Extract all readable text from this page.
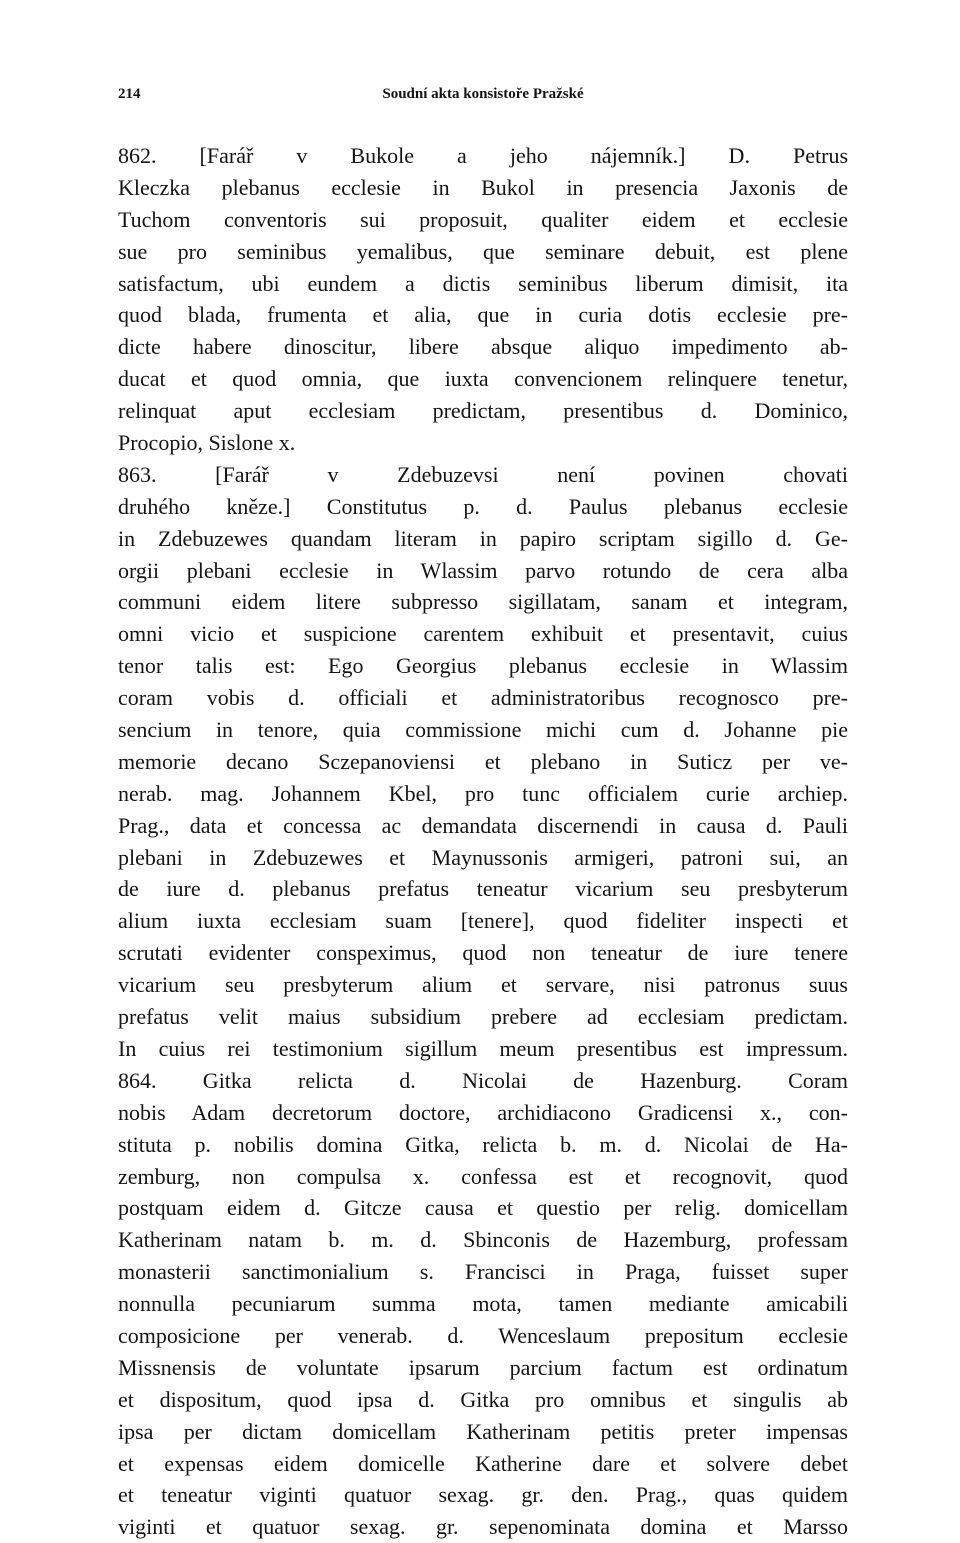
214	Soudní akta konsistoře Pražské
862. [Farář v Bukole a jeho nájemník.] D. Petrus
Kleczka plebanus ecclesie in Bukol in presencia Jaxonis de
Tuchom conventoris sui proposuit, qualiter eidem et ecclesie
sue pro seminibus yemalibus, que seminare debuit, est plene
satisfactum, ubi eundem a dictis seminibus liberum dimisit, ita
quod blada, frumenta et alia, que in curia dotis ecclesie pre-
dicte habere dinoscitur, libere absque aliquo impedimento ab-
ducat et quod omnia, que iuxta convencionem relinquere tenetur,
relinquat aput ecclesiam predictam, presentibus d. Dominico,
Procopio, Sislone x.
863. [Farář v Zdebuzevsi není povinen chovati
druhého kněze.] Constitutus p. d. Paulus plebanus ecclesie
in Zdebuzewes quandam literam in papiro scriptam sigillo d. Ge-
orgii plebani ecclesie in Wlassim parvo rotundo de cera alba
communi eidem litere subpresso sigillatam, sanam et integram,
omni vicio et suspicione carentem exhibuit et presentavit, cuius
tenor talis est: Ego Georgius plebanus ecclesie in Wlassim
coram vobis d. officiali et administratoribus recognosco pre-
sencium in tenore, quia commissione michi cum d. Johanne pie
memorie decano Sczepanoviensi et plebano in Suticz per ve-
nerab. mag. Johannem Kbel, pro tunc officialem curie archiep.
Prag., data et concessa ac demandata discernendi in causa d. Pauli
plebani in Zdebuzewes et Maynussonis armigeri, patroni sui, an
de iure d. plebanus prefatus teneatur vicarium seu presbyterum
alium iuxta ecclesiam suam [tenere], quod fideliter inspecti et
scrutati evidenter conspeximus, quod non teneatur de iure tenere
vicarium seu presbyterum alium et servare, nisi patronus suus
prefatus velit maius subsidium prebere ad ecclesiam predictam.
In cuius rei testimonium sigillum meum presentibus est impressum.
864. Gitka relicta d. Nicolai de Hazenburg. Coram
nobis Adam decretorum doctore, archidiacono Gradicensi x., con-
stituta p. nobilis domina Gitka, relicta b. m. d. Nicolai de Ha-
zemburg, non compulsa x. confessa est et recognovit, quod
postquam eidem d. Gitcze causa et questio per relig. domicellam
Katherinam natam b. m. d. Sbinconis de Hazemburg, professam
monasterii sanctimonialium s. Francisci in Praga, fuisset super
nonnulla pecuniarum summa mota, tamen mediante amicabili
composicione per venerab. d. Wenceslaum prepositum ecclesie
Missnensis de voluntate ipsarum parcium factum est ordinatum
et dispositum, quod ipsa d. Gitka pro omnibus et singulis ab
ipsa per dictam domicellam Katherinam petitis preter impensas
et expensas eidem domicelle Katherine dare et solvere debet
et teneatur viginti quatuor sexag. gr. den. Prag., quas quidem
viginti et quatuor sexag. gr. sepenominata domina et Marsso
